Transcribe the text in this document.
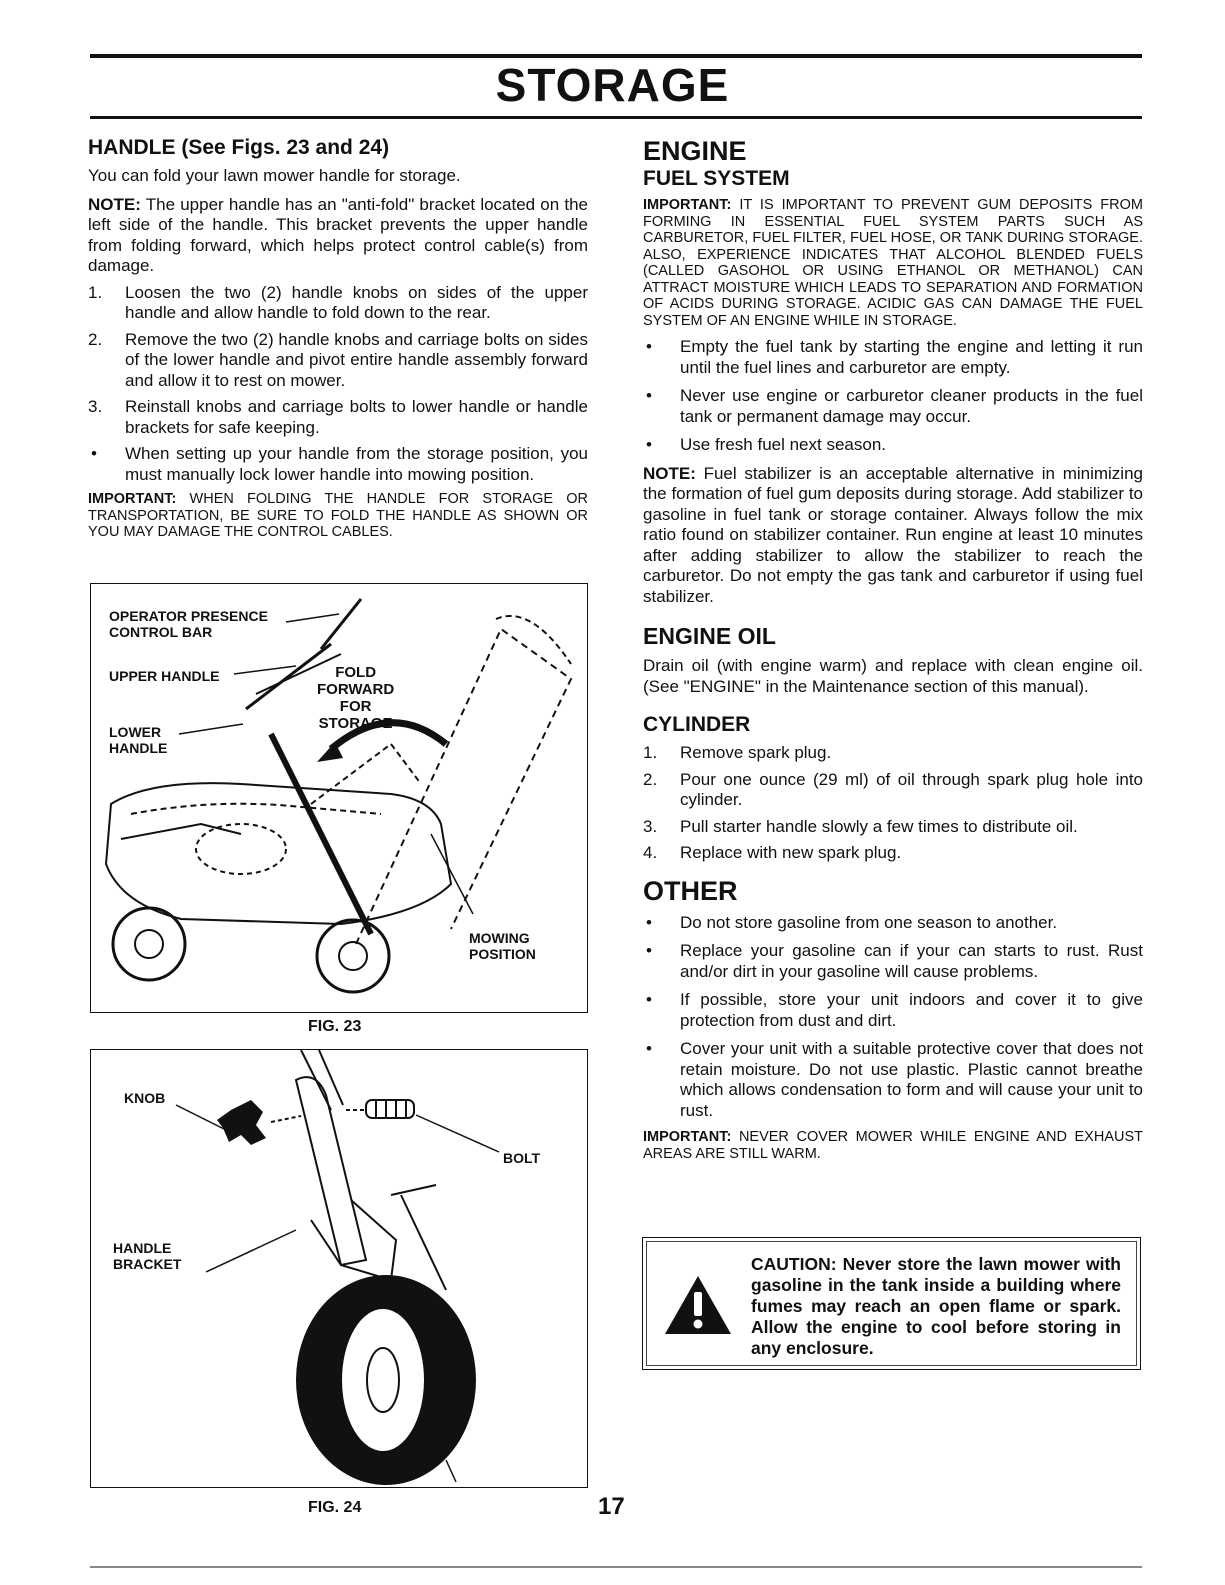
STORAGE
HANDLE (See Figs. 23 and 24)

You can fold your lawn mower handle for storage.

NOTE: The upper handle has an "anti-fold" bracket located on the left side of the handle. This bracket prevents the upper handle from folding forward, which helps protect control cable(s) from damage.

1.	Loosen the two (2) handle knobs on sides of the upper handle and allow handle to fold down to the rear.
2.	Remove the two (2) handle knobs and carriage bolts on sides of the lower handle and pivot entire handle assembly forward and allow it to rest on mower.
3.	Reinstall knobs and carriage bolts to lower handle or handle brackets for safe keeping.
•	When setting up your handle from the storage position, you must manually lock lower handle into mowing position.

IMPORTANT: WHEN FOLDING THE HANDLE FOR STORAGE OR TRANSPORTATION, BE SURE TO FOLD THE HANDLE AS SHOWN OR YOU MAY DAMAGE THE CONTROL CABLES.

OPERATOR PRESENCE
CONTROL BAR
UPPER HANDLE
LOWER
HANDLE
FOLD
FORWARD
FOR
STORAGE
MOWING
POSITION
FIG. 23
KNOB
BOLT
HANDLE
BRACKET
FIG. 24
ENGINE
FUEL SYSTEM

IMPORTANT: IT IS IMPORTANT TO PREVENT GUM DEPOSITS FROM FORMING IN ESSENTIAL FUEL SYSTEM PARTS SUCH AS CARBURETOR, FUEL FILTER, FUEL HOSE, OR TANK DURING STORAGE. ALSO, EXPERIENCE INDICATES THAT ALCOHOL BLENDED FUELS (CALLED GASOHOL OR USING ETHANOL OR METHANOL) CAN ATTRACT MOISTURE WHICH LEADS TO SEPARATION AND FORMATION OF ACIDS DURING STORAGE. ACIDIC GAS CAN DAMAGE THE FUEL SYSTEM OF AN ENGINE WHILE IN STORAGE.

•	Empty the fuel tank by starting the engine and letting it run until the fuel lines and carburetor are empty.
•	Never use engine or carburetor cleaner products in the fuel tank or permanent damage may occur.
•	Use fresh fuel next season.

NOTE: Fuel stabilizer is an acceptable alternative in minimizing the formation of fuel gum deposits during storage. Add stabilizer to gasoline in fuel tank or storage container. Always follow the mix ratio found on stabilizer container. Run engine at least 10 minutes after adding stabilizer to allow the stabilizer to reach the carburetor. Do not empty the gas tank and carburetor if using fuel stabilizer.

ENGINE OIL

Drain oil (with engine warm) and replace with clean engine oil. (See "ENGINE" in the Maintenance section of this manual).

CYLINDER
1.	Remove spark plug.
2.	Pour one ounce (29 ml) of oil through spark plug hole into cylinder.
3.	Pull starter handle slowly a few times to distribute oil.
4.	Replace with new spark plug.
OTHER
•	Do not store gasoline from one season to another.
•	Replace your gasoline can if your can starts to rust. Rust and/or dirt in your gasoline will cause problems.
•	If possible, store your unit indoors and cover it to give protection from dust and dirt.
•	Cover your unit with a suitable protective cover that does not retain moisture. Do not use plastic. Plastic cannot breathe which allows condensation to form and will cause your unit to rust.

IMPORTANT: NEVER COVER MOWER WHILE ENGINE AND EXHAUST AREAS ARE STILL WARM.

CAUTION: Never store the lawn mower with gasoline in the tank inside a building where fumes may reach an open flame or spark. Allow the engine to cool before storing in any enclosure.
17
